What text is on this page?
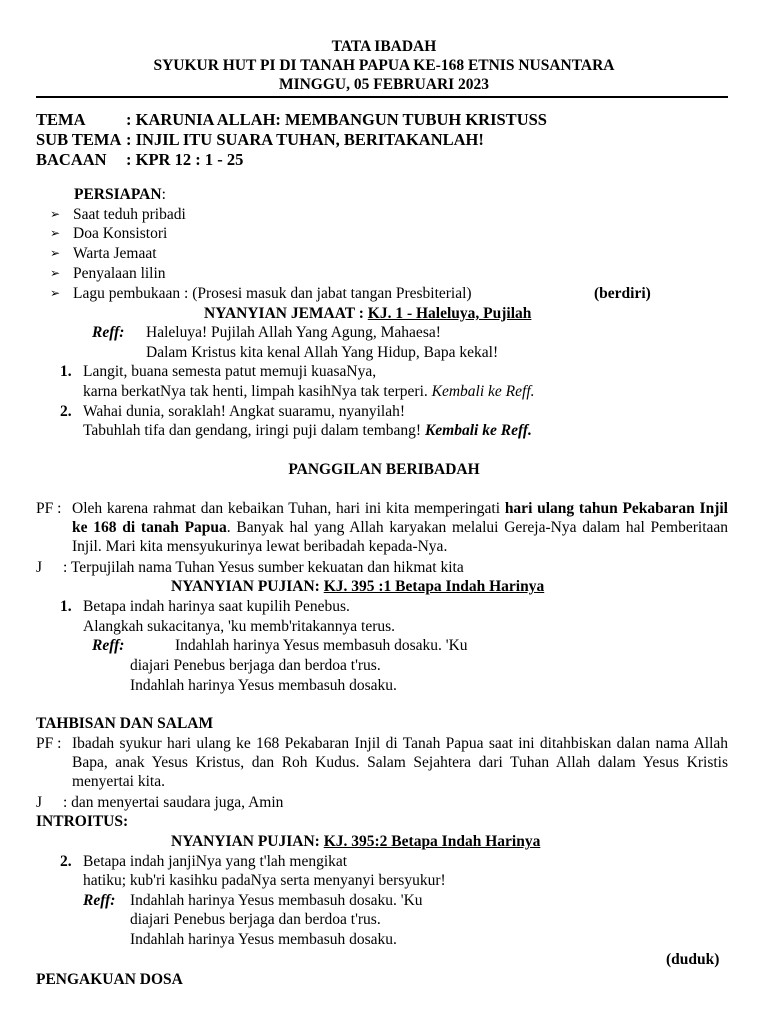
TATA IBADAH
SYUKUR HUT PI DI TANAH PAPUA KE-168 ETNIS NUSANTARA
MINGGU, 05 FEBRUARI 2023
TEMA : KARUNIA ALLAH: MEMBANGUN TUBUH KRISTUSS
SUB TEMA : INJIL ITU SUARA TUHAN, BERITAKANLAH!
BACAAN : KPR 12 : 1 - 25
PERSIAPAN:
➢ Saat teduh pribadi
➢ Doa Konsistori
➢ Warta Jemaat
➢ Penyalaan lilin
➢ Lagu pembukaan : (Prosesi masuk dan jabat tangan Presbiterial)	(berdiri)
NYANYIAN JEMAAT : KJ. 1 - Haleluya, Pujilah
Reff: Haleluya! Pujilah Allah Yang Agung, Mahaesa!
Dalam Kristus kita kenal Allah Yang Hidup, Bapa kekal!
1. Langit, buana semesta patut memuji kuasaNya,
karna berkatNya tak henti, limpah kasihNya tak terperi. Kembali ke Reff.
2. Wahai dunia, soraklah! Angkat suaramu, nyanyilah!
Tabuhlah tifa dan gendang, iringi puji dalam tembang! Kembali ke Reff.
PANGGILAN BERIBADAH
PF : Oleh karena rahmat dan kebaikan Tuhan, hari ini kita memperingati hari ulang tahun Pekabaran Injil ke 168 di tanah Papua. Banyak hal yang Allah karyakan melalui Gereja-Nya dalam hal Pemberitaan Injil. Mari kita mensyukurinya lewat beribadah kepada-Nya.
J : Terpujilah nama Tuhan Yesus sumber kekuatan dan hikmat kita
NYANYIAN PUJIAN: KJ. 395 :1 Betapa Indah Harinya
1. Betapa indah harinya saat kupilih Penebus.
Alangkah sukacitanya, 'ku memb'ritakannya terus.
Reff:	Indahlah harinya Yesus membasuh dosaku. 'Ku
diajari Penebus berjaga dan berdoa t'rus.
Indahlah harinya Yesus membasuh dosaku.
TAHBISAN DAN SALAM
PF : Ibadah syukur hari ulang ke 168 Pekabaran Injil di Tanah Papua saat ini ditahbiskan dalan nama Allah Bapa, anak Yesus Kristus, dan Roh Kudus. Salam Sejahtera dari Tuhan Allah dalam Yesus Kristis menyertai kita.
J : dan menyertai saudara juga, Amin
INTROITUS:
NYANYIAN PUJIAN: KJ. 395:2 Betapa Indah Harinya
2. Betapa indah janjiNya yang t'lah mengikat
hatiku; kub'ri kasihku padaNya serta menyanyi bersyukur!
Reff: Indahlah harinya Yesus membasuh dosaku. 'Ku
diajari Penebus berjaga dan berdoa t'rus.
Indahlah harinya Yesus membasuh dosaku.
(duduk)
PENGAKUAN DOSA
